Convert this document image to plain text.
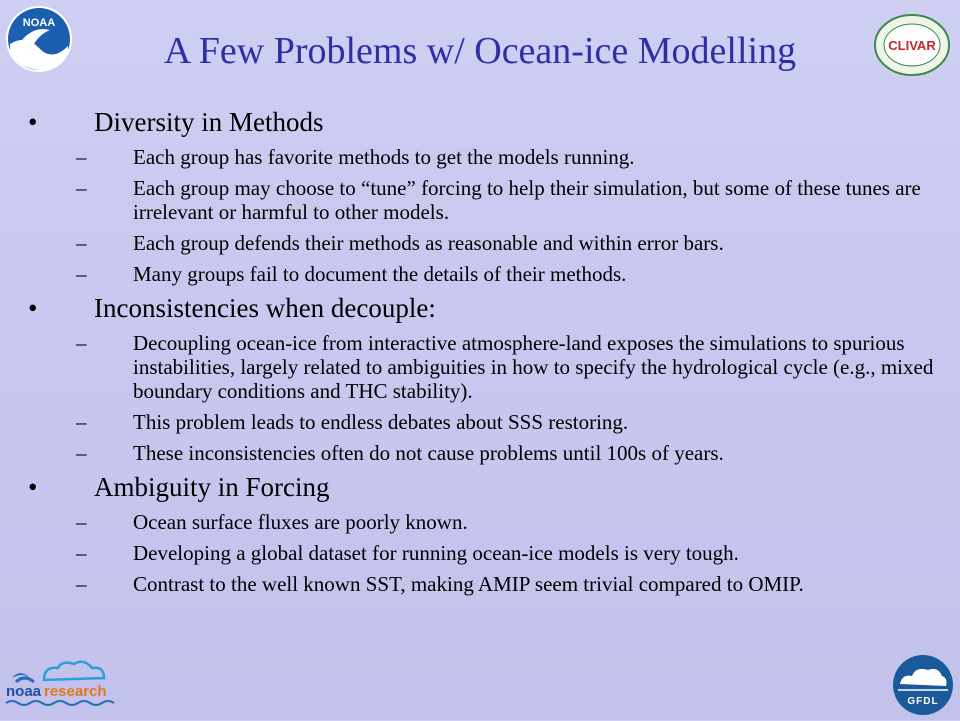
NOAA
CLIVAR
A Few Problems w/ Ocean-ice Modelling
• Diversity in Methods
– Each group has favorite methods to get the models running.
– Each group may choose to “tune” forcing to help their simulation, but some of these tunes are irrelevant or harmful to other models.
– Each group defends their methods as reasonable and within error bars.
– Many groups fail to document the details of their methods.
• Inconsistencies when decouple:
– Decoupling ocean-ice from interactive atmosphere-land exposes the simulations to spurious instabilities, largely related to ambiguities in how to specify the hydrological cycle (e.g., mixed boundary conditions and THC stability).
– This problem leads to endless debates about SSS restoring.
– These inconsistencies often do not cause problems until 100s of years.
• Ambiguity in Forcing
– Ocean surface fluxes are poorly known.
– Developing a global dataset for running ocean-ice models is very tough.
– Contrast to the well known SST, making AMIP seem trivial compared to OMIP.
noaa research
GFDL
